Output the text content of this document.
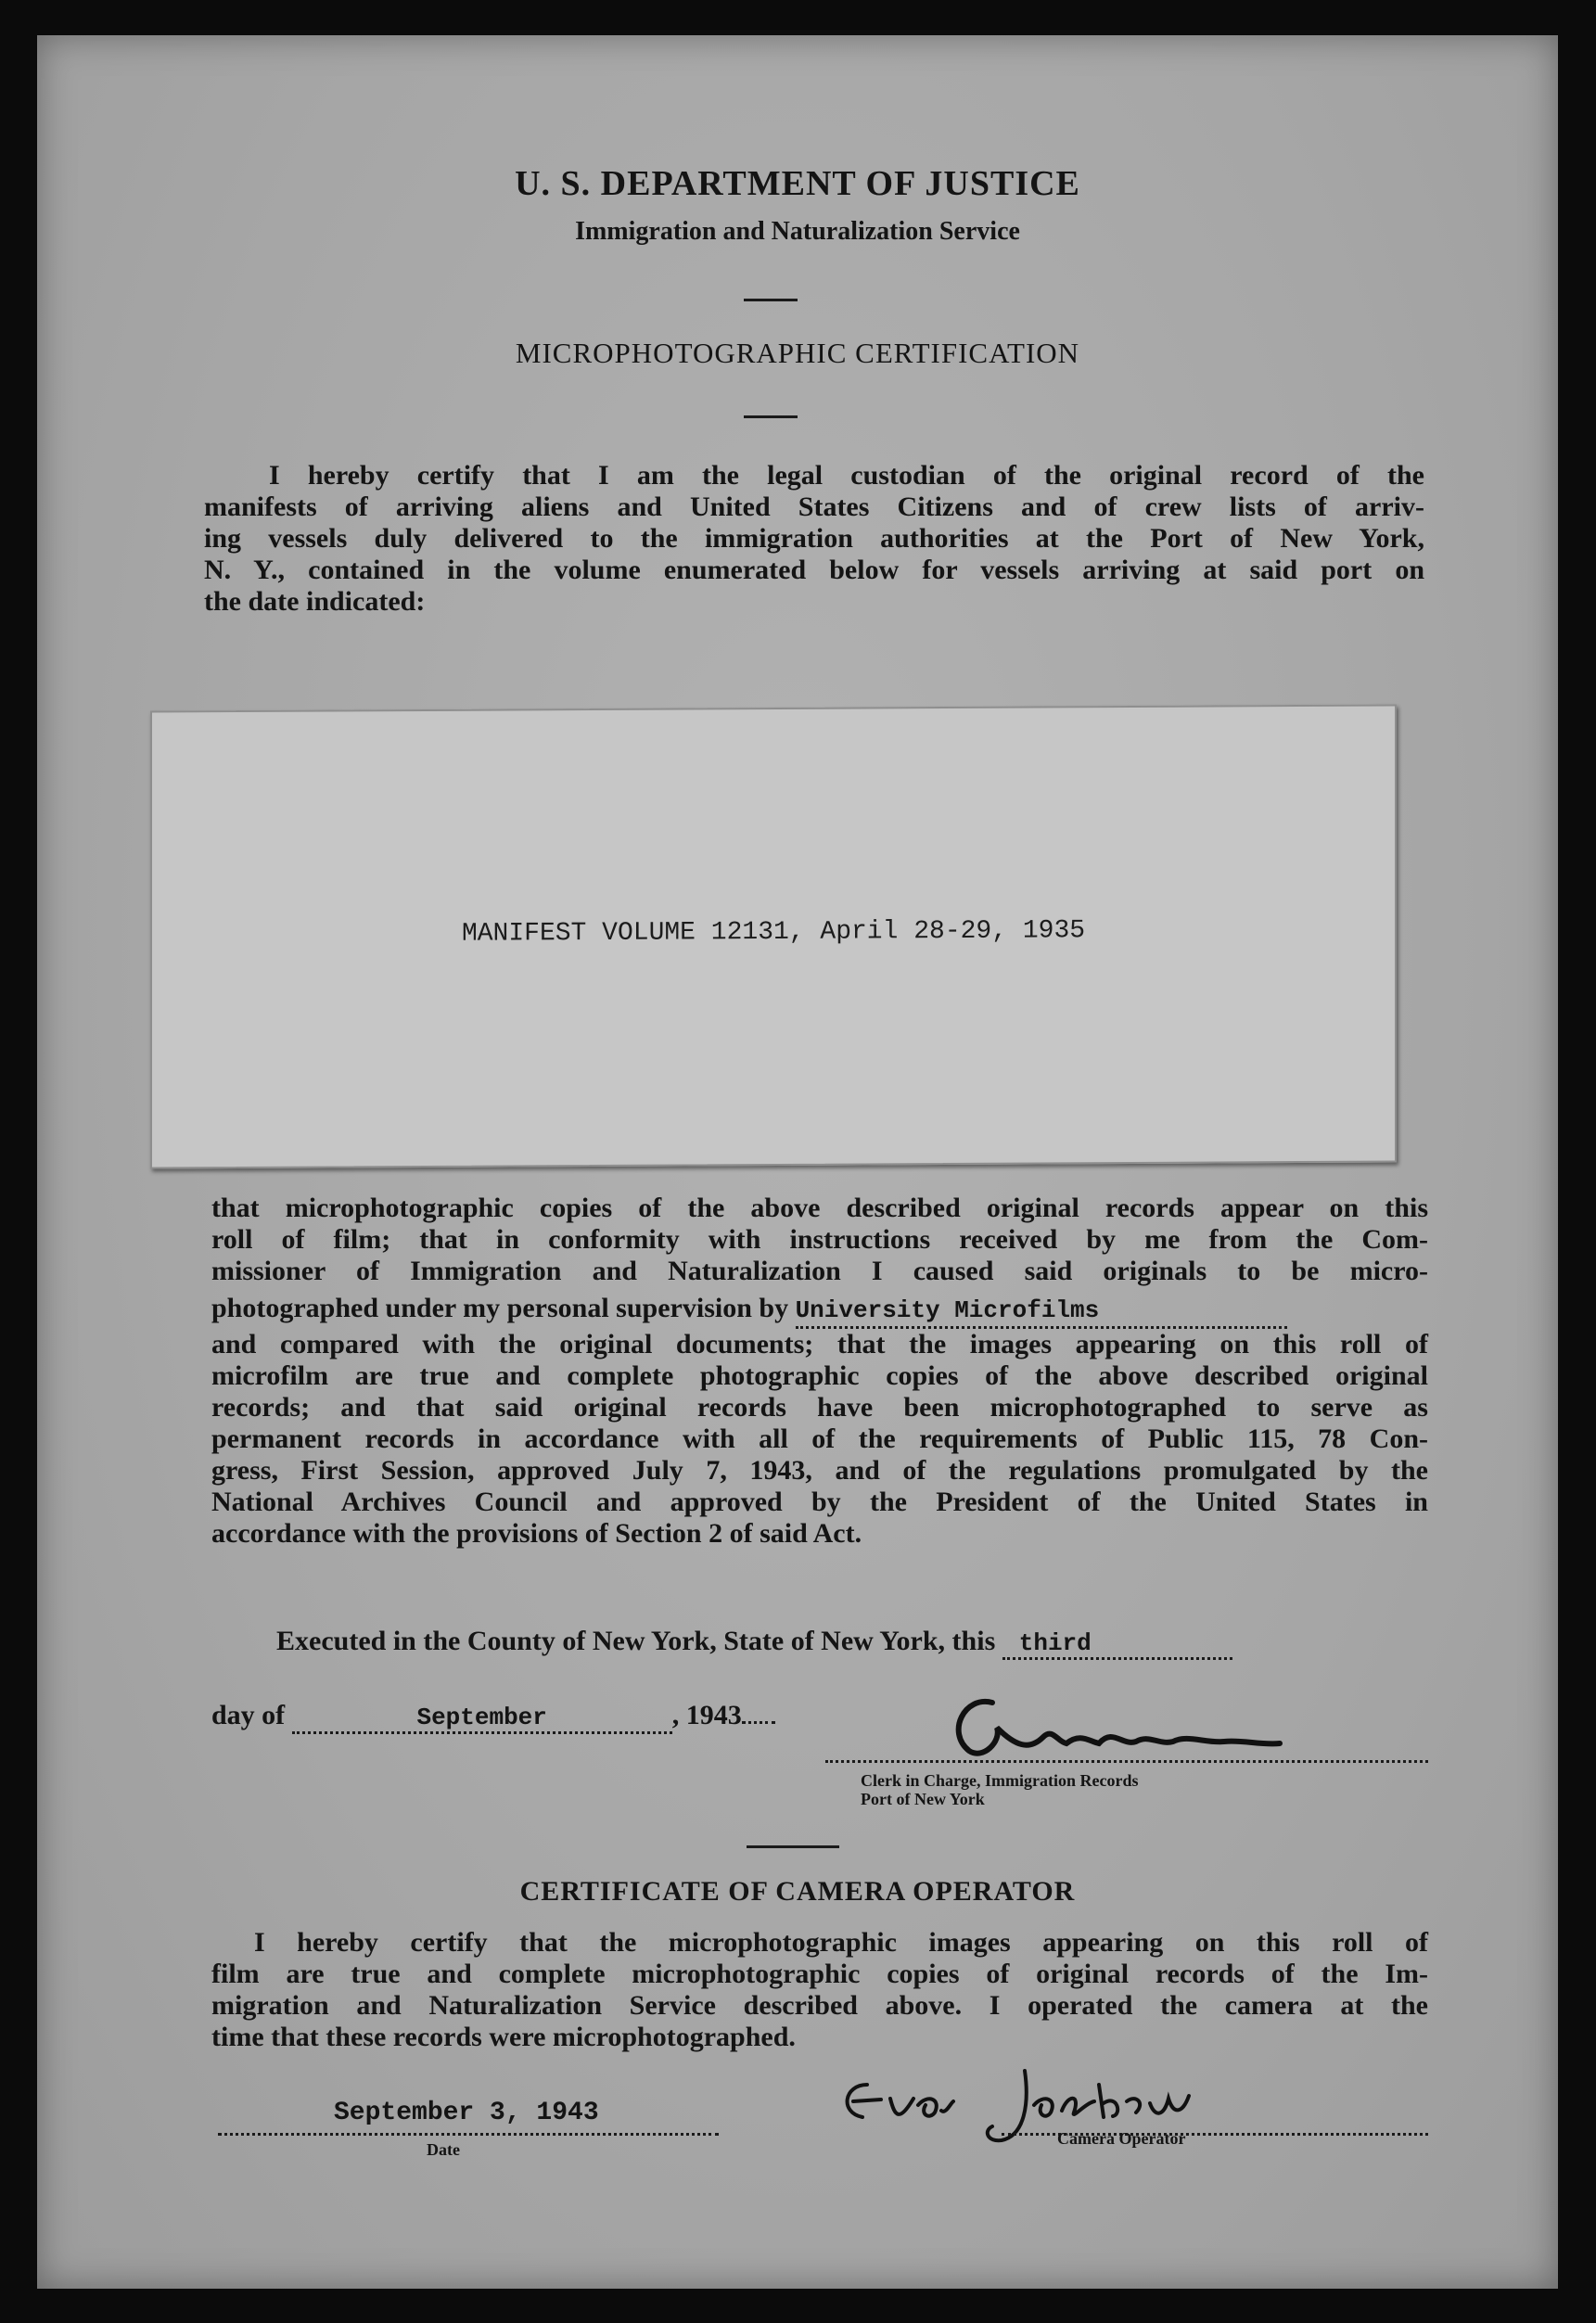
U. S. DEPARTMENT OF JUSTICE
Immigration and Naturalization Service
MICROPHOTOGRAPHIC CERTIFICATION
I hereby certify that I am the legal custodian of the original record of the
manifests of arriving aliens and United States Citizens and of crew lists of arriv-
ing vessels duly delivered to the immigration authorities at the Port of New York,
N. Y., contained in the volume enumerated below for vessels arriving at said port on
the date indicated:
MANIFEST VOLUME 12131, April 28-29, 1935
that microphotographic copies of the above described original records appear on this
roll of film; that in conformity with instructions received by me from the Com-
missioner of Immigration and Naturalization I caused said originals to be micro-
photographed under my personal supervision by University Microfilms
and compared with the original documents; that the images appearing on this roll of
microfilm are true and complete photographic copies of the above described original
records; and that said original records have been microphotographed to serve as
permanent records in accordance with all of the requirements of Public 115, 78 Con-
gress, First Session, approved July 7, 1943, and of the regulations promulgated by the
National Archives Council and approved by the President of the United States in
accordance with the provisions of Section 2 of said Act.
Executed in the County of New York, State of New York, this third
day of	September	, 1943
Clerk in Charge, Immigration Records
Port of New York
CERTIFICATE OF CAMERA OPERATOR
I hereby certify that the microphotographic images appearing on this roll of
film are true and complete microphotographic copies of original records of the Im-
migration and Naturalization Service described above. I operated the camera at the
time that these records were microphotographed.
September 3, 1943
Date
Camera Operator
